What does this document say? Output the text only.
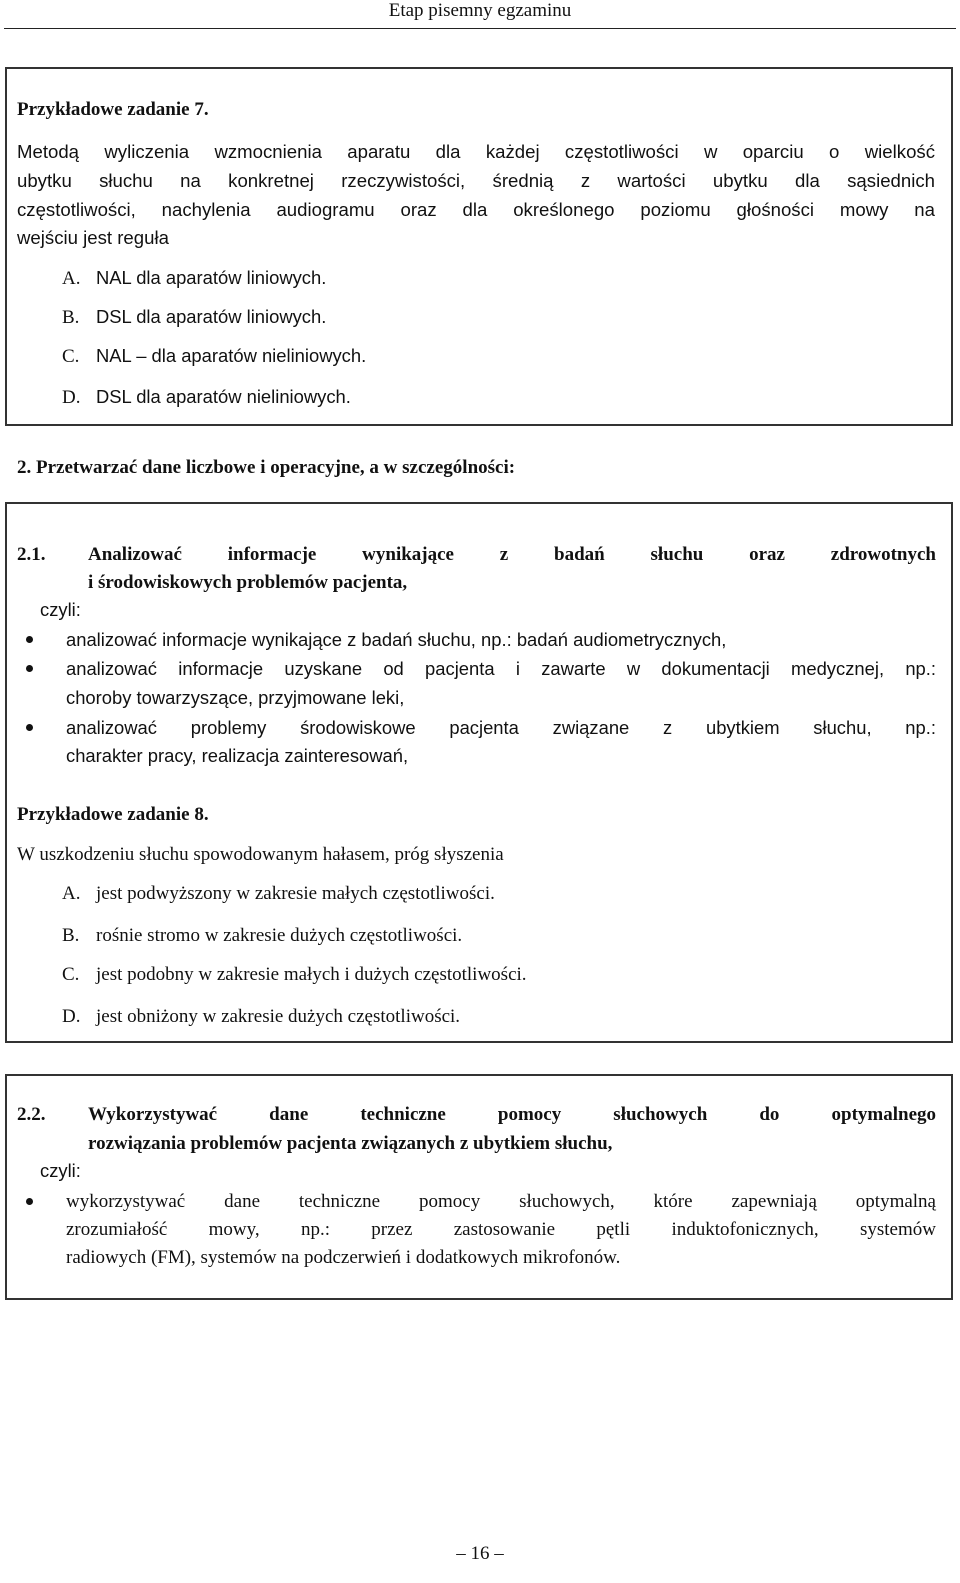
Etap pisemny egzaminu
Przykładowe zadanie 7.
Metodą wyliczenia wzmocnienia aparatu dla każdej częstotliwości w oparciu o wielkość
ubytku słuchu na konkretnej rzeczywistości, średnią z wartości ubytku dla sąsiednich
częstotliwości, nachylenia audiogramu oraz dla określonego poziomu głośności mowy na
wejściu jest reguła
A. NAL dla aparatów liniowych.
B. DSL dla aparatów liniowych.
C. NAL – dla aparatów nieliniowych.
D. DSL dla aparatów nieliniowych.
2. Przetwarzać dane liczbowe i operacyjne, a w szczególności:
2.1. Analizować informacje wynikające z badań słuchu oraz zdrowotnych
i środowiskowych problemów pacjenta,
czyli:
analizować informacje wynikające z badań słuchu, np.: badań audiometrycznych,
analizować informacje uzyskane od pacjenta i zawarte w dokumentacji medycznej, np.:
choroby towarzyszące, przyjmowane leki,
analizować problemy środowiskowe pacjenta związane z ubytkiem słuchu, np.:
charakter pracy, realizacja zainteresowań,
Przykładowe zadanie 8.
W uszkodzeniu słuchu spowodowanym hałasem, próg słyszenia
A. jest podwyższony w zakresie małych częstotliwości.
B. rośnie stromo w zakresie dużych częstotliwości.
C. jest podobny w zakresie małych i dużych częstotliwości.
D. jest obniżony w zakresie dużych częstotliwości.
2.2. Wykorzystywać dane techniczne pomocy słuchowych do optymalnego
rozwiązania problemów pacjenta związanych z ubytkiem słuchu,
czyli:
wykorzystywać dane techniczne pomocy słuchowych, które zapewniają optymalną
zrozumiałość mowy, np.: przez zastosowanie pętli induktofonicznych, systemów
radiowych (FM), systemów na podczerwień i dodatkowych mikrofonów.
– 16 –
